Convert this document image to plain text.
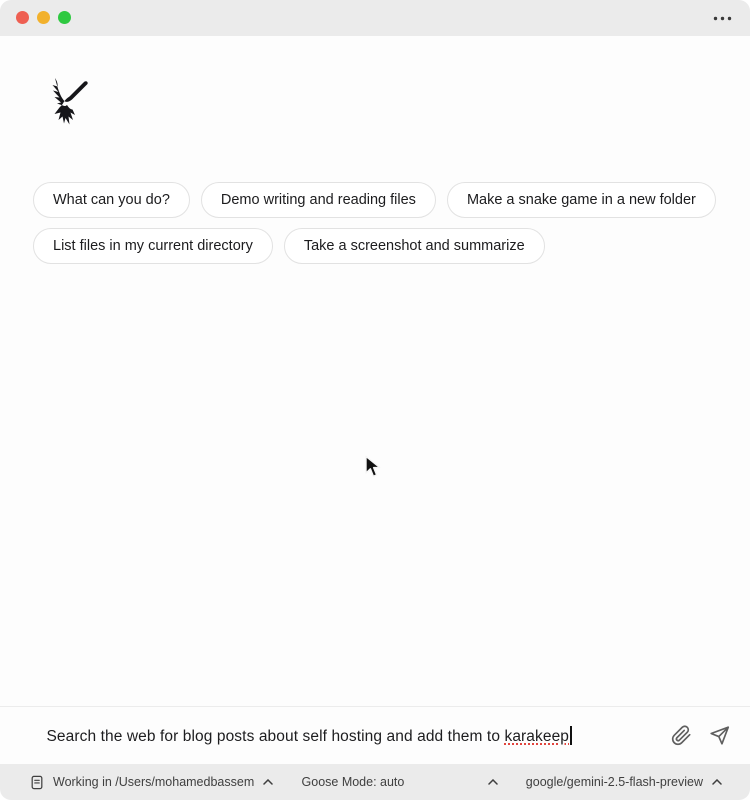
What can you do?	Demo writing and reading files	Make a snake game in a new folder
List files in my current directory	Take a screenshot and summarize

Search the web for blog posts about self hosting and add them to karakeep

Working in /Users/mohamedbassem	Goose Mode: auto	google/gemini-2.5-flash-preview
